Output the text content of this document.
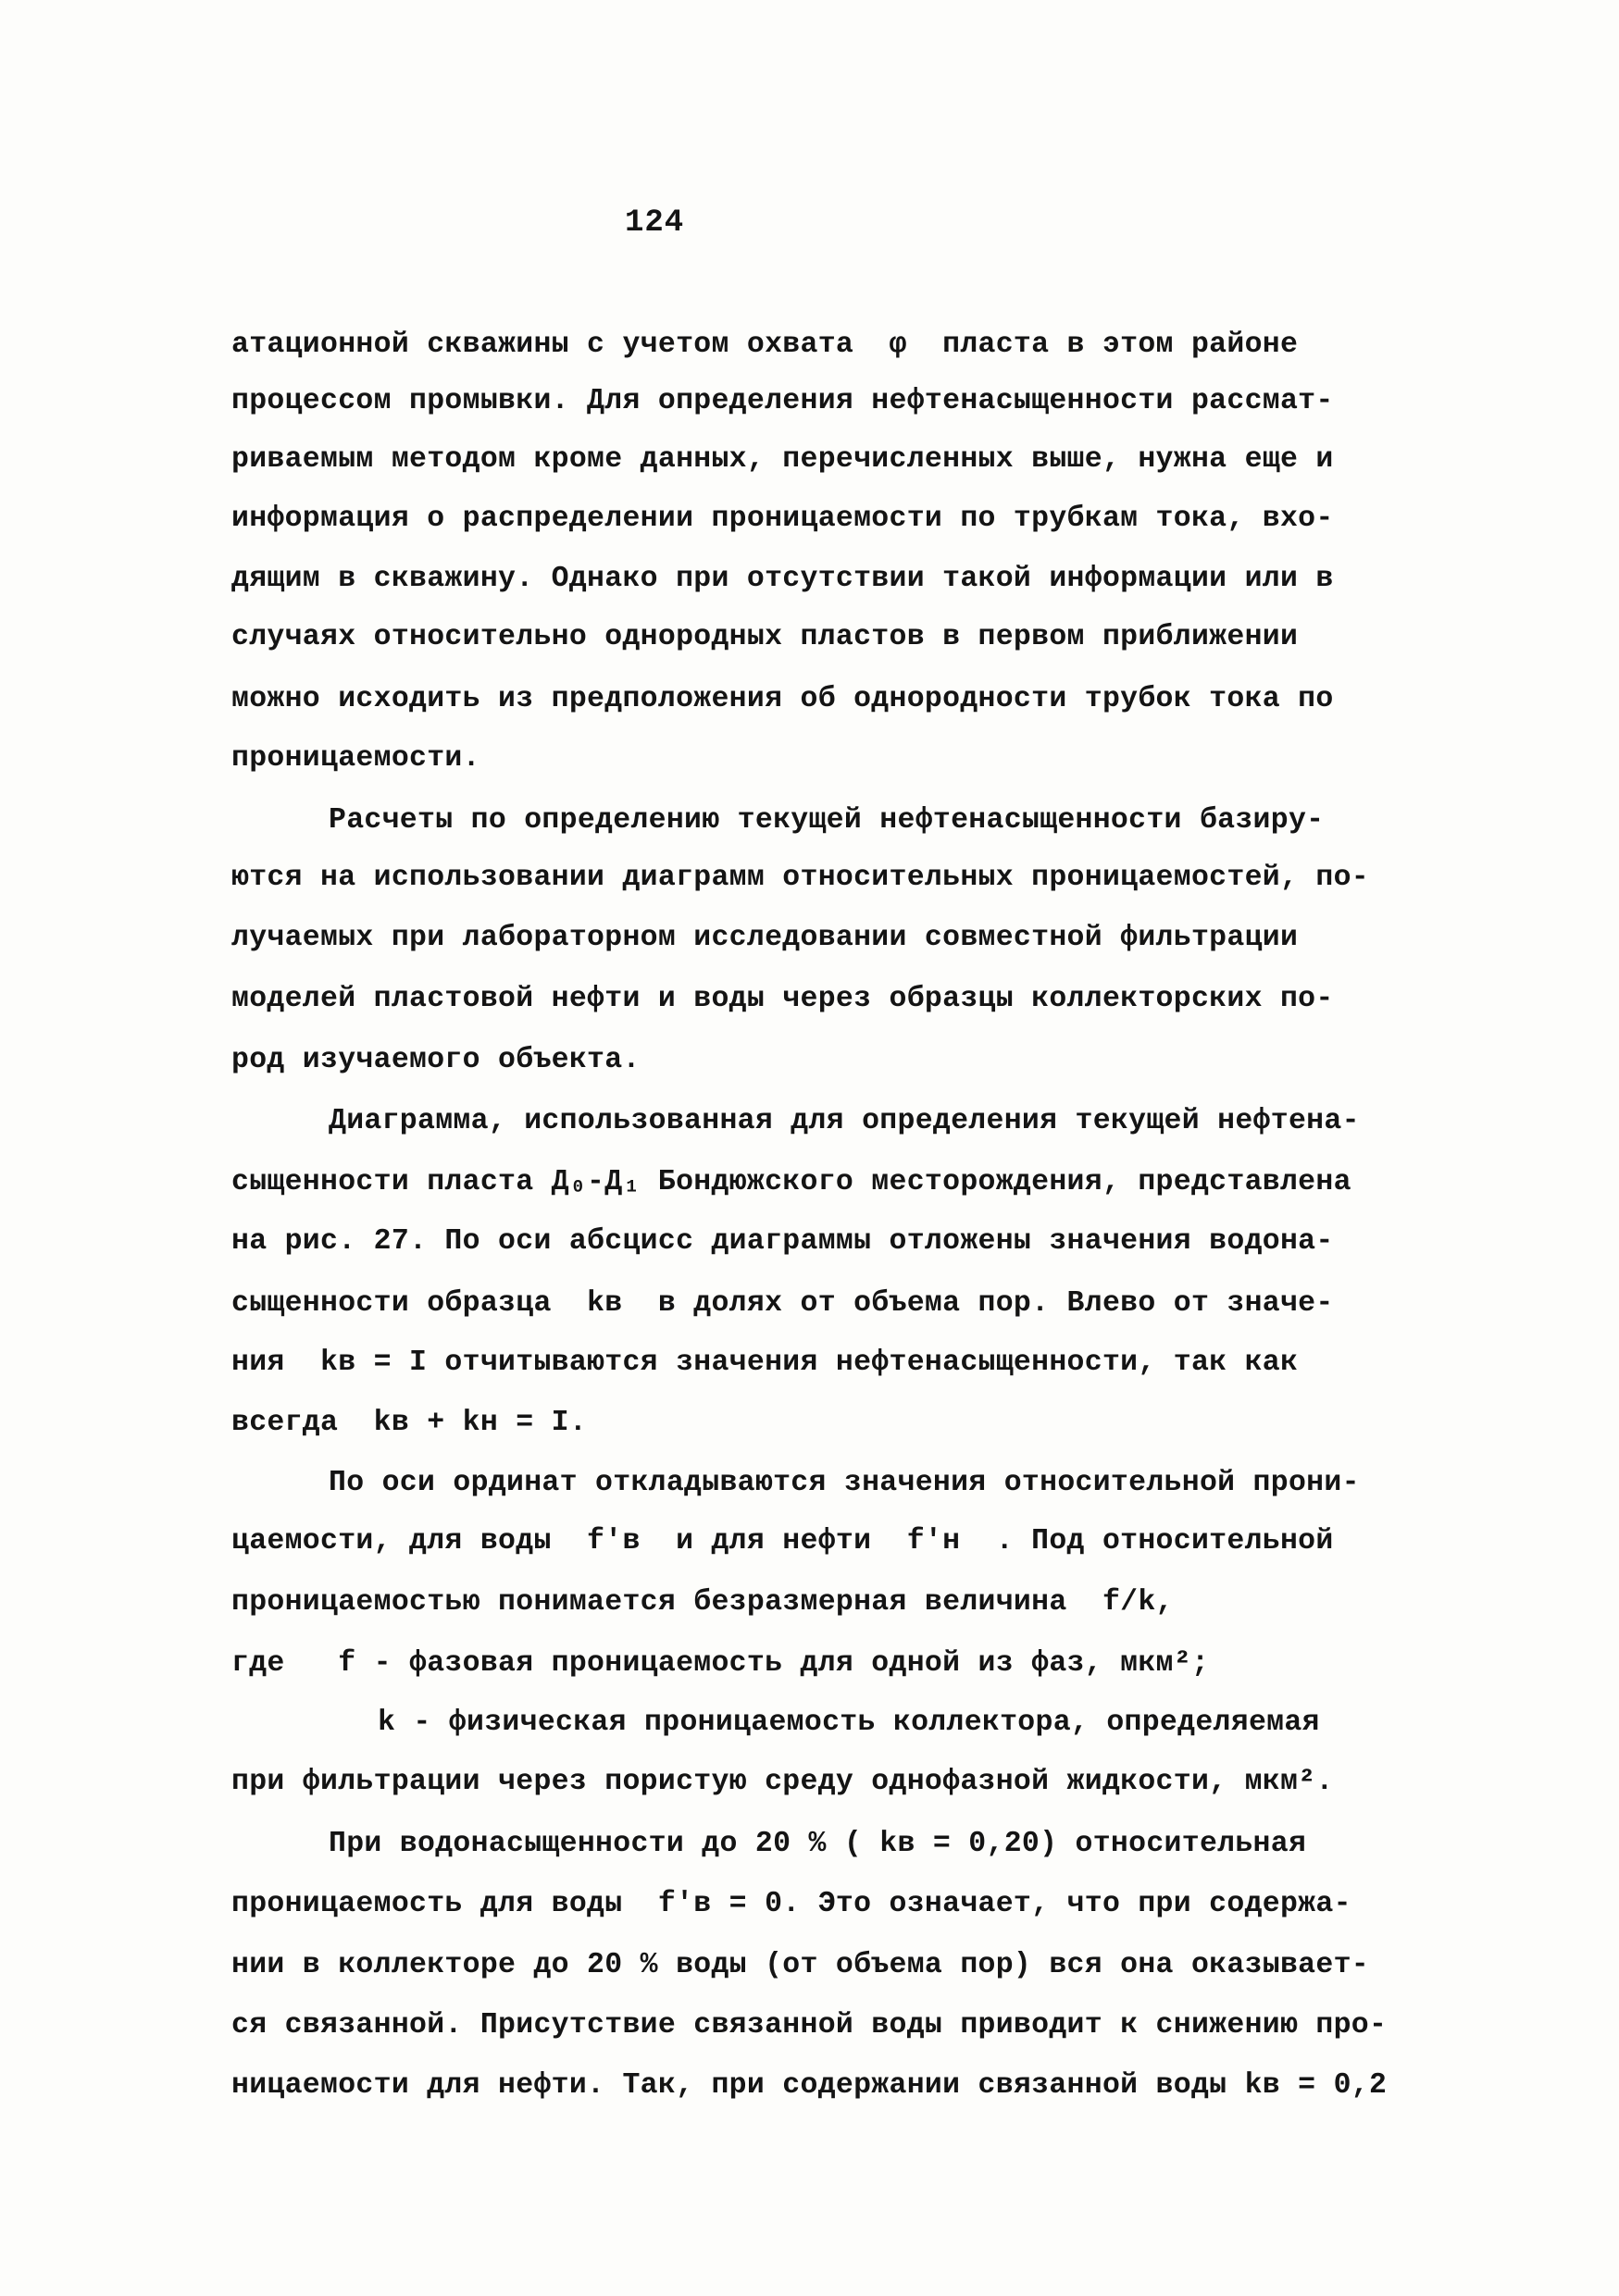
124
атационной скважины с учетом охвата  φ  пласта в этом районе
процессом промывки. Для определения нефтенасыщенности рассмат-
риваемым методом кроме данных, перечисленных выше, нужна еще и
информация о распределении проницаемости по трубкам тока, вхо-
дящим в скважину. Однако при отсутствии такой информации или в
случаях относительно однородных пластов в первом приближении
можно исходить из предположения об однородности трубок тока по
проницаемости.
Расчеты по определению текущей нефтенасыщенности базиру-
ются на использовании диаграмм относительных проницаемостей, по-
лучаемых при лабораторном исследовании совместной фильтрации
моделей пластовой нефти и воды через образцы коллекторских по-
род изучаемого объекта.
Диаграмма, использованная для определения текущей нефтена-
сыщенности пласта Д₀-Д₁ Бондюжского месторождения, представлена
на рис. 27. По оси абсцисс диаграммы отложены значения водона-
сыщенности образца  kв  в долях от объема пор. Влево от значе-
ния  kв = I отчитываются значения нефтенасыщенности, так как
всегда  kв + kн = I.
По оси ординат откладываются значения относительной прони-
цаемости, для воды  f'в  и для нефти  f'н  . Под относительной
проницаемостью понимается безразмерная величина  f/k,
где   f - фазовая проницаемость для одной из фаз, мкм²;
k - физическая проницаемость коллектора, определяемая
при фильтрации через пористую среду однофазной жидкости, мкм².
При водонасыщенности до 20 % ( kв = 0,20) относительная
проницаемость для воды  f'в = 0. Это означает, что при содержа-
нии в коллекторе до 20 % воды (от объема пор) вся она оказывает-
ся связанной. Присутствие связанной воды приводит к снижению про-
ницаемости для нефти. Так, при содержании связанной воды kв = 0,2
